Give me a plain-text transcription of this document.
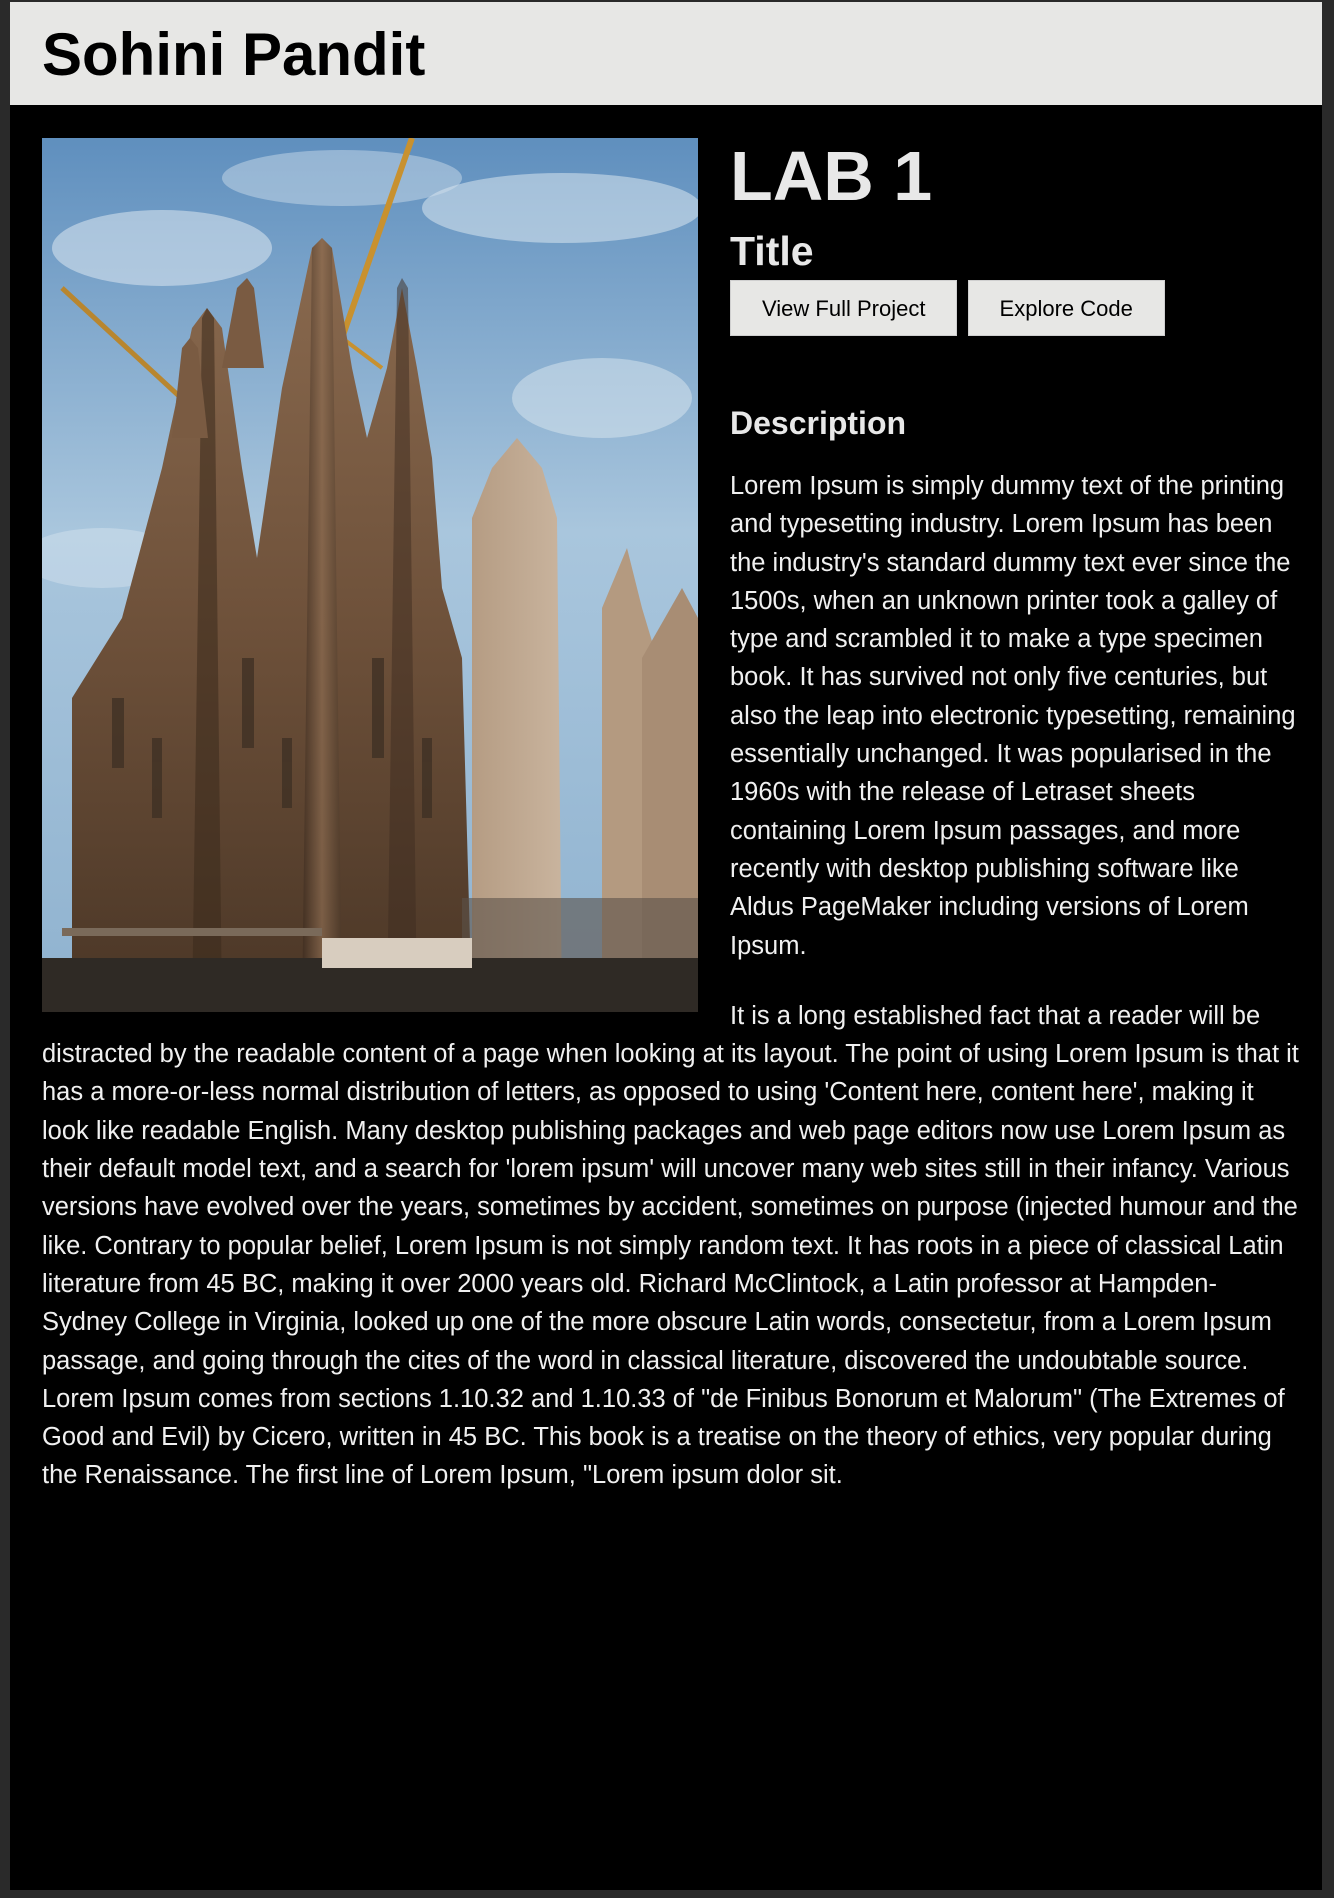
Sohini Pandit
LAB 1
Title
View Full Project	Explore Code
Description

Lorem Ipsum is simply dummy text of the printing and typesetting industry. Lorem Ipsum has been the industry's standard dummy text ever since the 1500s, when an unknown printer took a galley of type and scrambled it to make a type specimen book. It has survived not only five centuries, but also the leap into electronic typesetting, remaining essentially unchanged. It was popularised in the 1960s with the release of Letraset sheets containing Lorem Ipsum passages, and more recently with desktop publishing software like Aldus PageMaker including versions of Lorem Ipsum.

It is a long established fact that a reader will be distracted by the readable content of a page when looking at its layout. The point of using Lorem Ipsum is that it has a more-or-less normal distribution of letters, as opposed to using 'Content here, content here', making it look like readable English. Many desktop publishing packages and web page editors now use Lorem Ipsum as their default model text, and a search for 'lorem ipsum' will uncover many web sites still in their infancy. Various versions have evolved over the years, sometimes by accident, sometimes on purpose (injected humour and the like. Contrary to popular belief, Lorem Ipsum is not simply random text. It has roots in a piece of classical Latin literature from 45 BC, making it over 2000 years old. Richard McClintock, a Latin professor at Hampden-Sydney College in Virginia, looked up one of the more obscure Latin words, consectetur, from a Lorem Ipsum passage, and going through the cites of the word in classical literature, discovered the undoubtable source. Lorem Ipsum comes from sections 1.10.32 and 1.10.33 of "de Finibus Bonorum et Malorum" (The Extremes of Good and Evil) by Cicero, written in 45 BC. This book is a treatise on the theory of ethics, very popular during the Renaissance. The first line of Lorem Ipsum, "Lorem ipsum dolor sit.
